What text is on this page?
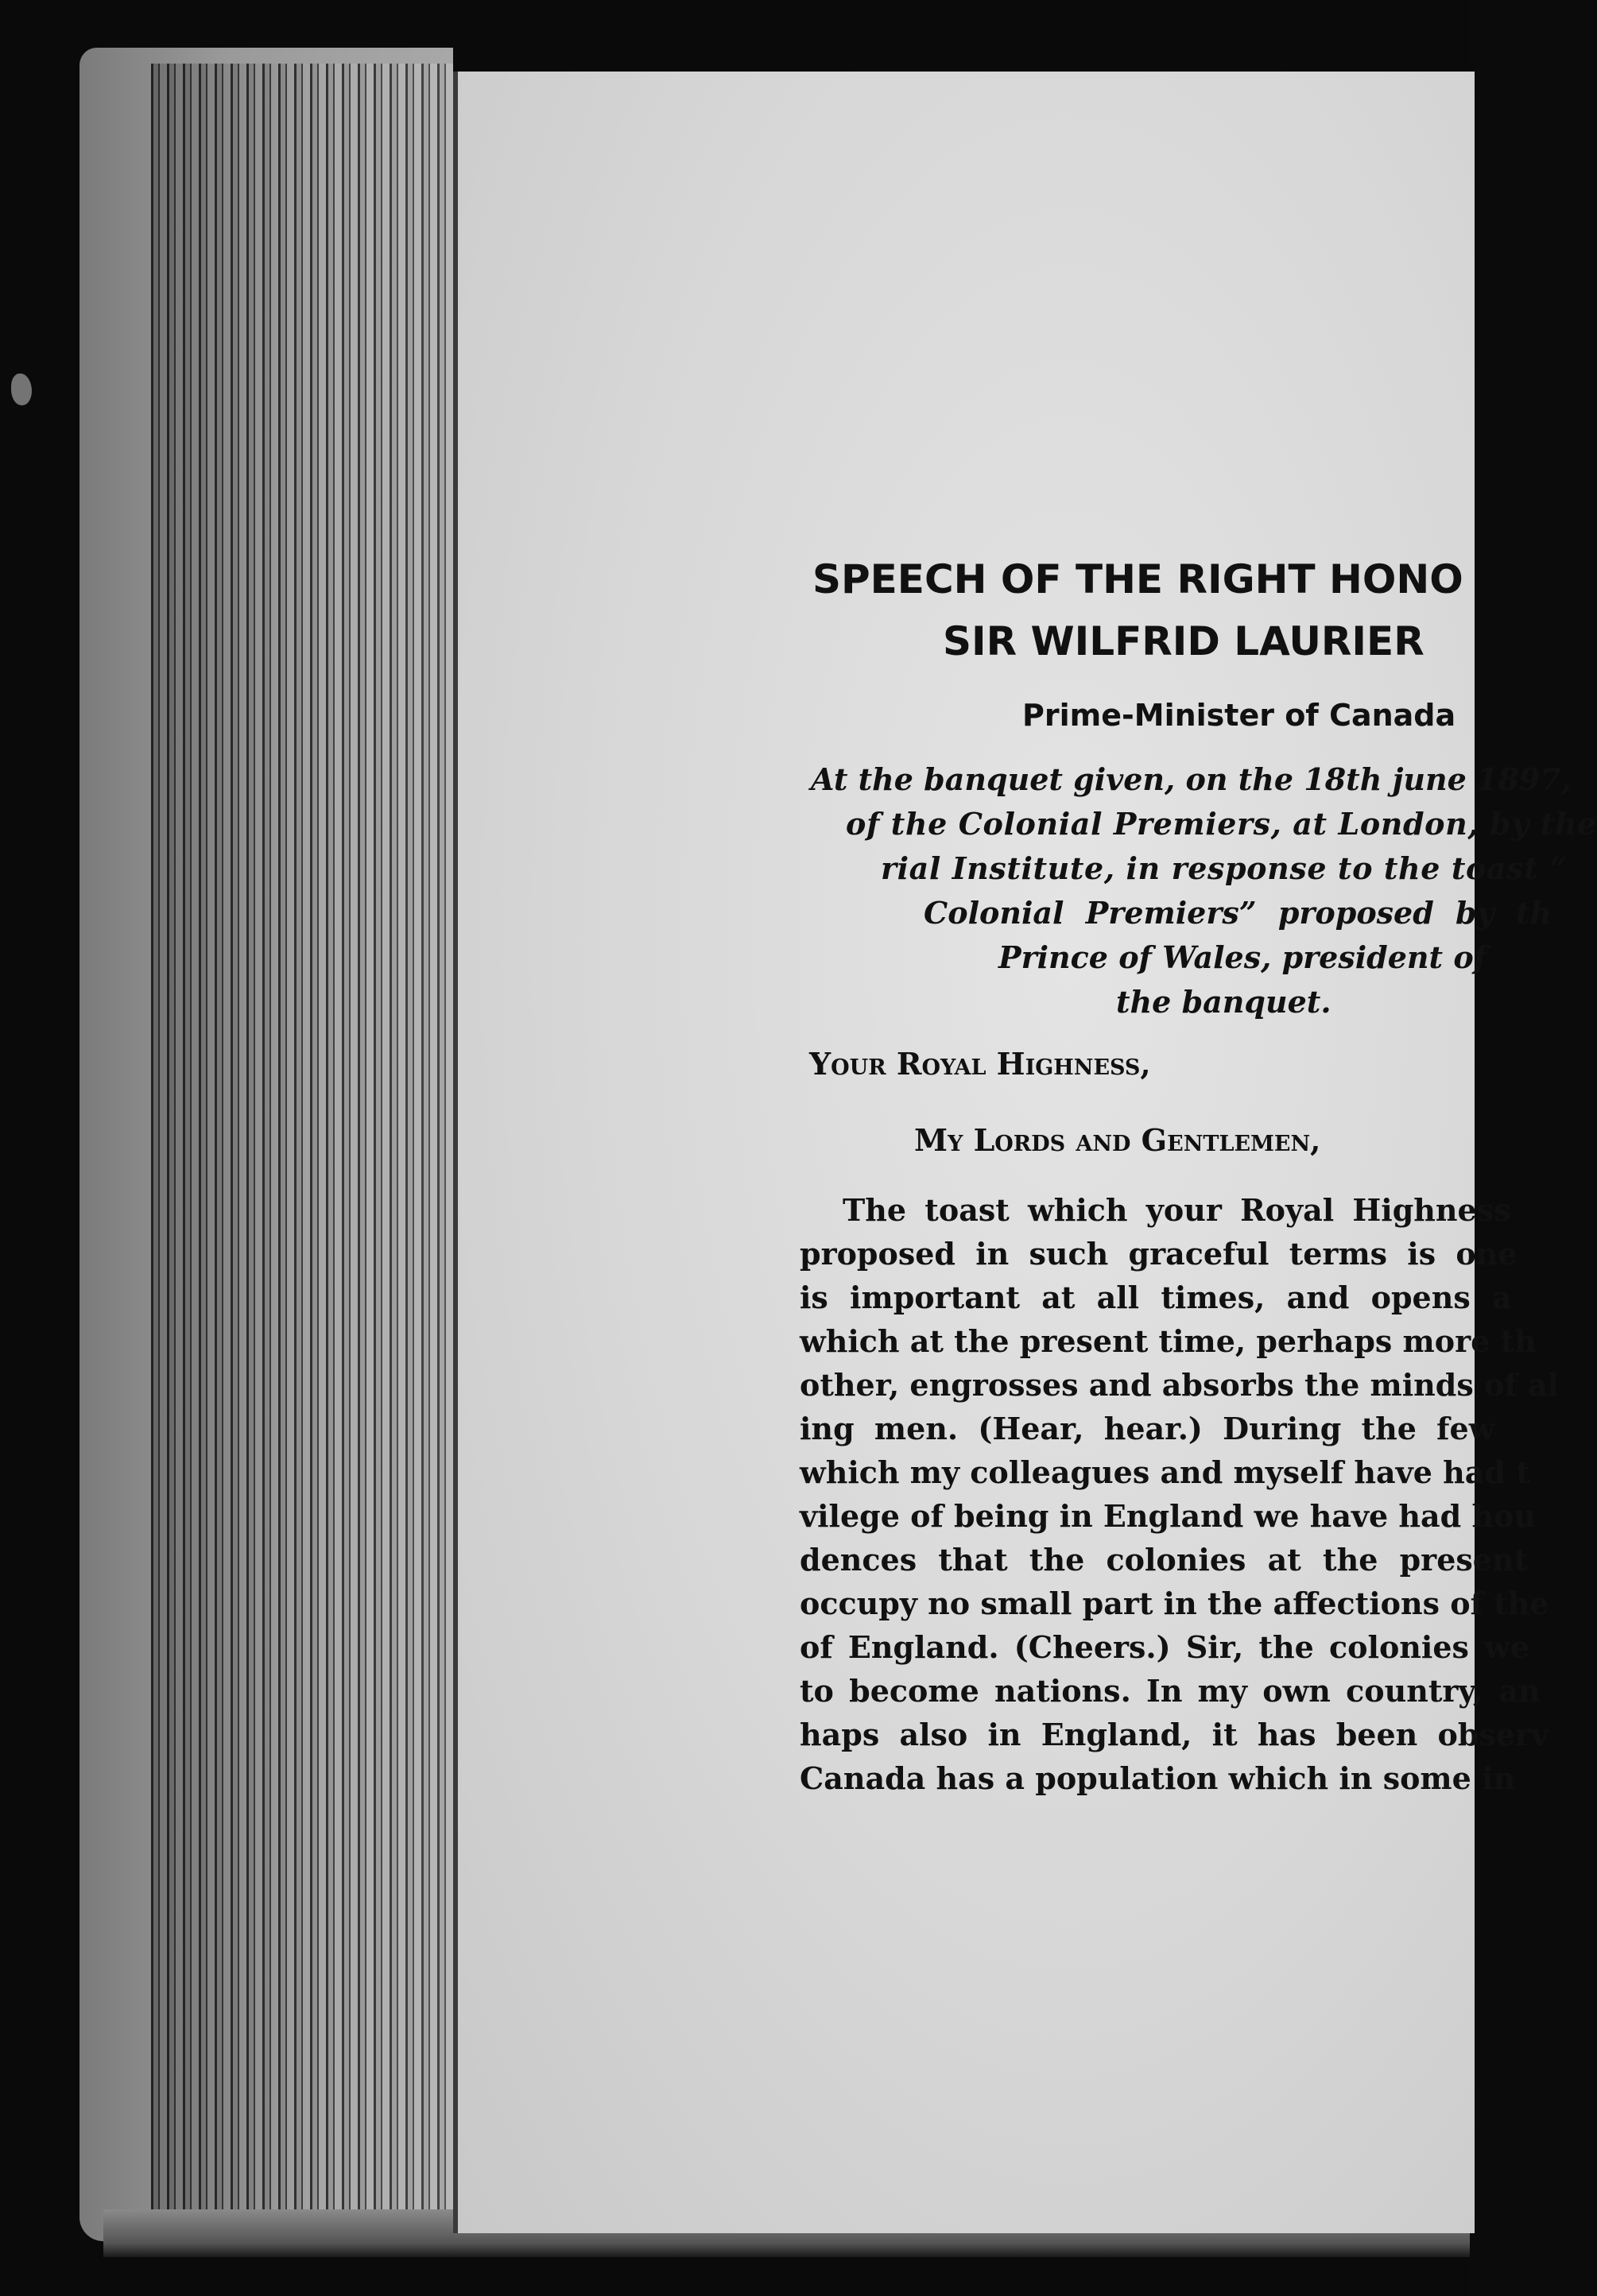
SPEECH OF THE RIGHT HONO
SIR WILFRID LAURIER
Prime-Minister of Canada
At the banquet given, on the 18th june 1897,
of the Colonial Premiers, at London, by the
rial Institute, in response to the toast “
Colonial Premiers” proposed by th
Prince of Wales, president of
the banquet.
Your Royal Highness,
My Lords and Gentlemen,
The toast which your Royal Highness
proposed in such graceful terms is one
is important at all times, and opens a
which at the present time, perhaps more th
other, engrosses and absorbs the minds of al
ing men. (Hear, hear.) During the few
which my colleagues and myself have had t
vilege of being in England we have had hou
dences that the colonies at the present
occupy no small part in the affections of the
of England. (Cheers.) Sir, the colonies we
to become nations. In my own country, an
haps also in England, it has been observ
Canada has a population which in some in
